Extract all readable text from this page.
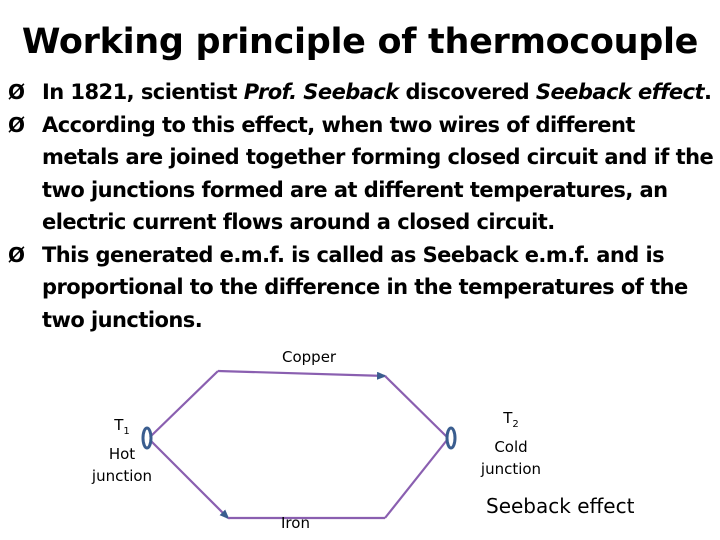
Working principle of thermocouple

Ø In 1821, scientist Prof. Seeback discovered Seeback effect.

Ø According to this effect, when two wires of different metals are joined together forming closed circuit and if the two junctions formed are at different temperatures, an electric current flows around a closed circuit.

Ø This generated e.m.f. is called as Seeback e.m.f. and is proportional to the difference in the temperatures of the two junctions.

Copper
Iron
$T_1$
Hot
junction
$T_2$
Cold
junction
Seeback effect
